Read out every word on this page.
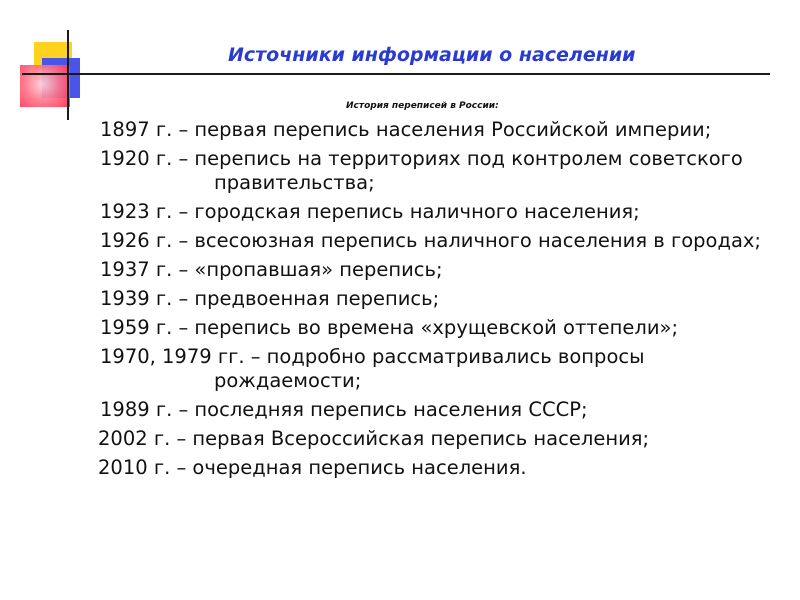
Источники информации о населении
История переписей в России:
1897 г. – первая перепись населения Российской империи;
1920 г. – перепись на территориях под контролем советского правительства;
1923 г. – городская перепись наличного населения;
1926 г. – всесоюзная перепись наличного населения в городах;
1937 г. – «пропавшая» перепись;
1939 г. – предвоенная перепись;
1959 г. – перепись во времена «хрущевской оттепели»;
1970, 1979 гг. – подробно рассматривались вопросы рождаемости;
1989 г. – последняя перепись населения СССР;
2002 г. – первая Всероссийская перепись населения;
2010 г. – очередная перепись населения.
